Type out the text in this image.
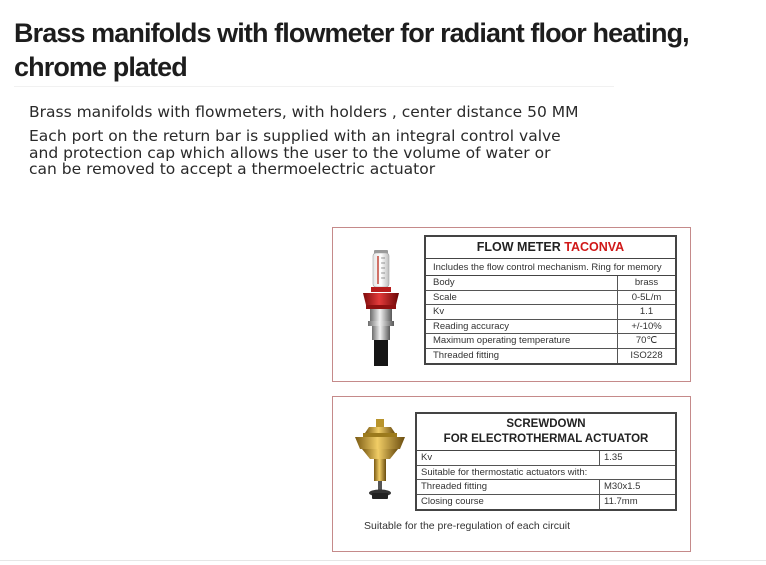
Brass manifolds with flowmeter for radiant floor heating, chrome plated
Brass manifolds with flowmeters, with holders , center distance 50 MM
Each port on the return bar is supplied with an integral control valve and protection cap which allows the user to the volume of water or can be removed to accept a thermoelectric actuator
FLOW METER TACONVA
Includes the flow control mechanism. Ring for memory
Body	brass
Scale	0-5L/m
Kv	1.1
Reading accuracy	+/-10%
Maximum operating temperature	70℃
Threaded fitting	ISO228
SCREWDOWN
FOR ELECTROTHERMAL ACTUATOR
Kv	1.35
Suitable for thermostatic actuators with:
Threaded fitting	M30x1.5
Closing course	11.7mm
Suitable for the pre-regulation of each circuit
